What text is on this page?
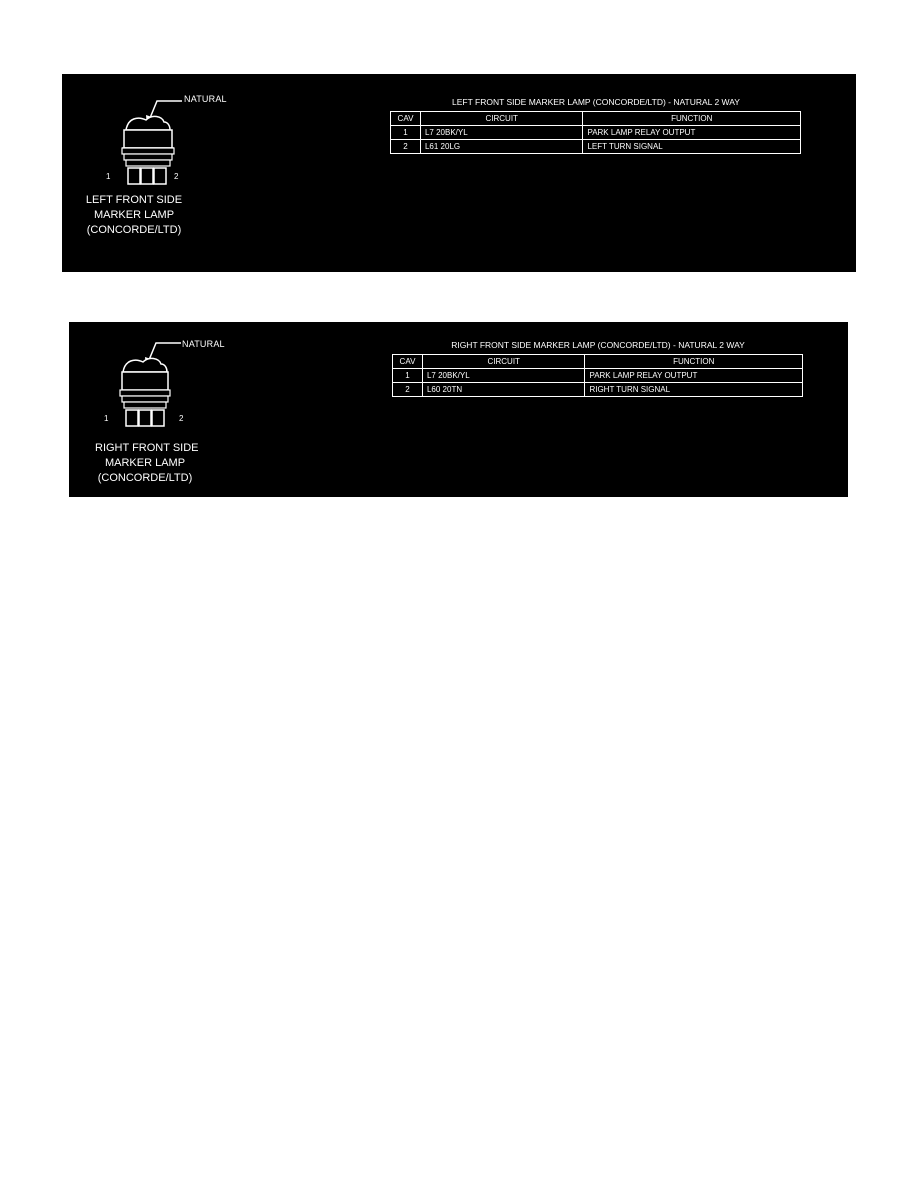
NATURAL
1	2
LEFT FRONT SIDE
MARKER LAMP
(CONCORDE/LTD)
LEFT FRONT SIDE MARKER LAMP (CONCORDE/LTD) - NATURAL 2 WAY
CAV	CIRCUIT	FUNCTION
1	L7 20BK/YL	PARK LAMP RELAY OUTPUT
2	L61 20LG	LEFT TURN SIGNAL
NATURAL
1	2
RIGHT FRONT SIDE
MARKER LAMP
(CONCORDE/LTD)
RIGHT FRONT SIDE MARKER LAMP (CONCORDE/LTD) - NATURAL 2 WAY
CAV	CIRCUIT	FUNCTION
1	L7 20BK/YL	PARK LAMP RELAY OUTPUT
2	L60 20TN	RIGHT TURN SIGNAL
